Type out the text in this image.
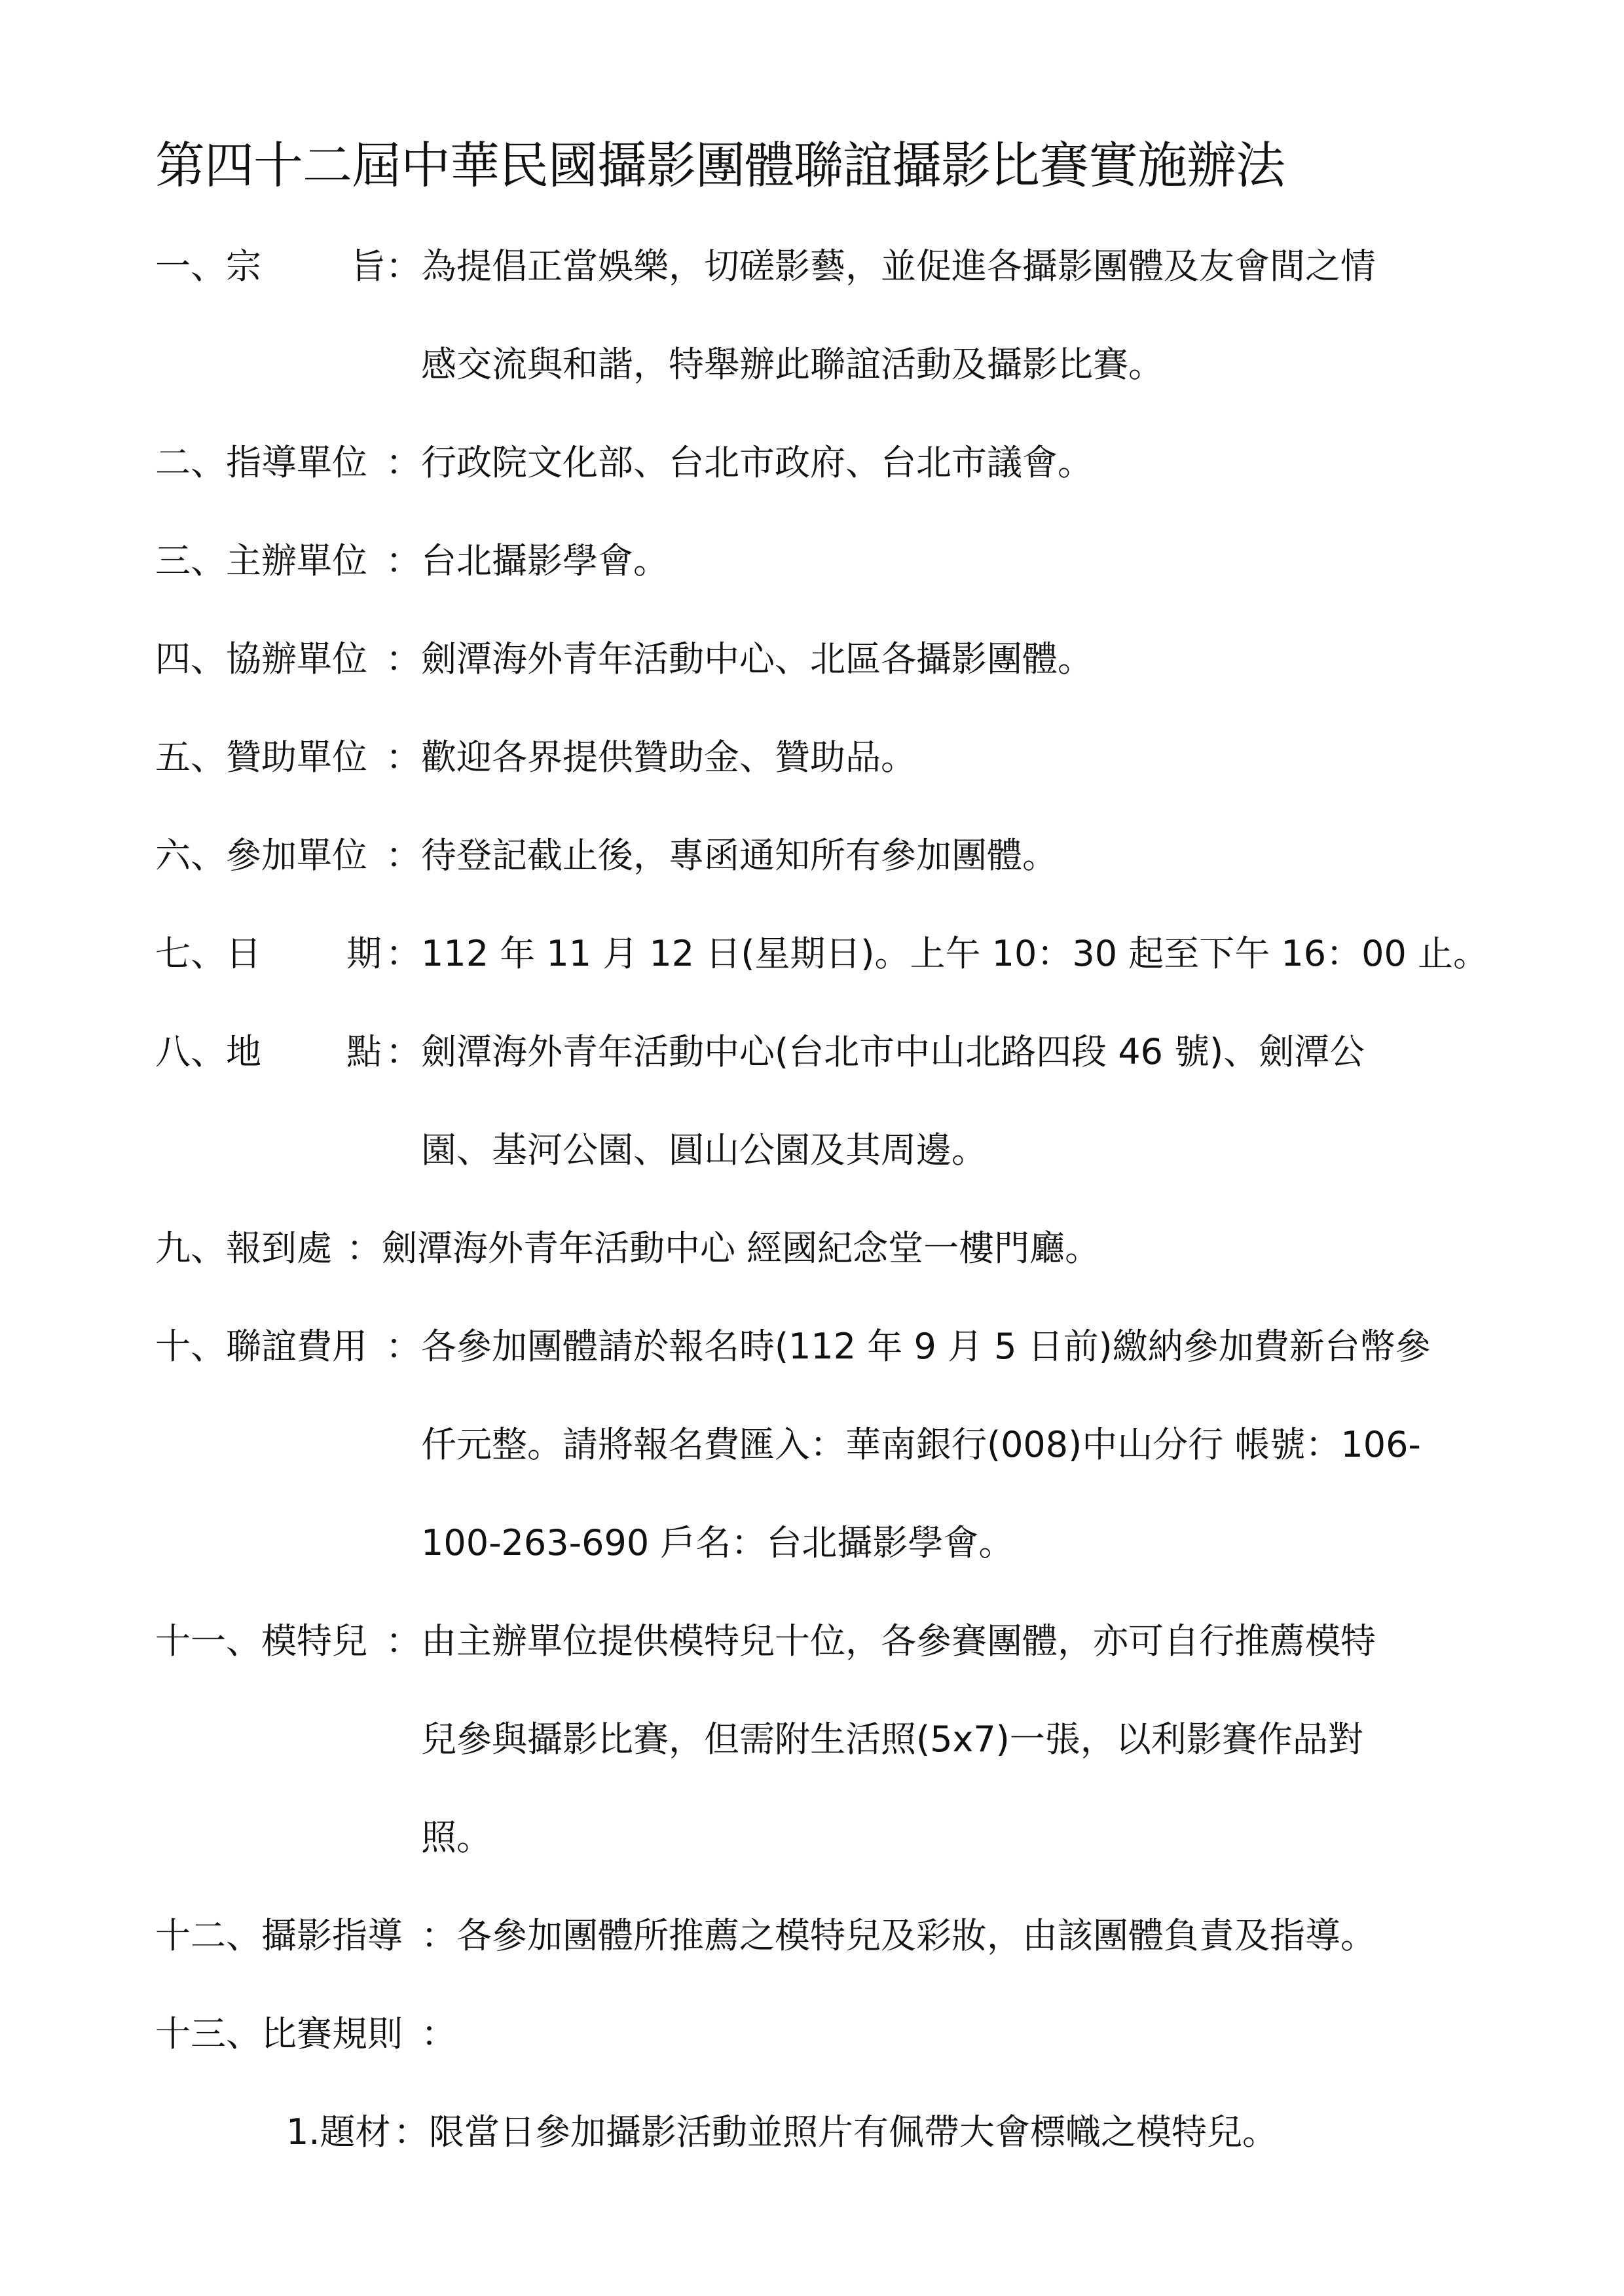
第四十二屆中華民國攝影團體聯誼攝影比賽實施辦法
一、宗	旨 ： 為提倡正當娛樂，切磋影藝，並促進各攝影團體及友會間之情
感交流與和諧，特舉辦此聯誼活動及攝影比賽。
二、指導單位 ： 行政院文化部、台北市政府、台北市議會。
三、主辦單位 ： 台北攝影學會。
四、協辦單位 ： 劍潭海外青年活動中心、北區各攝影團體。
五、贊助單位 ： 歡迎各界提供贊助金、贊助品。
六、參加單位 ： 待登記截止後，專函通知所有參加團體。
七、日 期 ： 112 年 11 月 12 日(星期日)。上午 10：30 起至下午 16：00 止。
八、地 點 ： 劍潭海外青年活動中心(台北市中山北路四段 46 號)、劍潭公
園、基河公園、圓山公園及其周邊。
九、報到處 ： 劍潭海外青年活動中心 經國紀念堂一樓門廳。
十、聯誼費用 ： 各參加團體請於報名時(112 年 9 月 5 日前)繳納參加費新台幣參
仟元整。請將報名費匯入：華南銀行(008)中山分行 帳號：106-
100-263-690 戶名：台北攝影學會。
十一、模特兒 ： 由主辦單位提供模特兒十位，各參賽團體，亦可自行推薦模特
兒參與攝影比賽，但需附生活照(5x7)一張，以利影賽作品對
照。
十二、攝影指導 ： 各參加團體所推薦之模特兒及彩妝，由該團體負責及指導。
十三、比賽規則 ：
1.題材 ： 限當日參加攝影活動並照片有佩帶大會標幟之模特兒。
